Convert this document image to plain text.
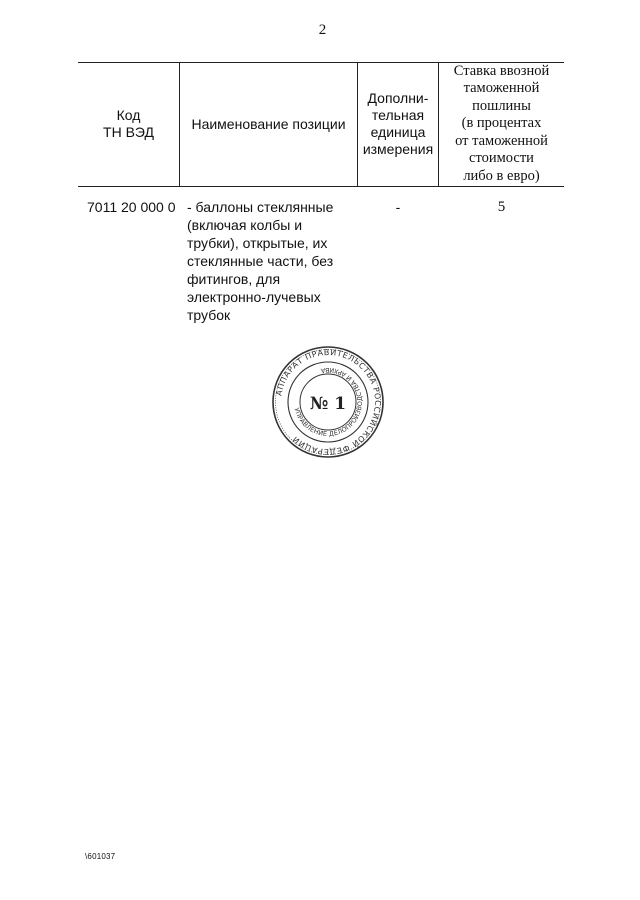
2
Код
ТН ВЭД
Наименование позиции
Дополни-
тельная
единица
измерения
Ставка ввозной
таможенной
пошлины
(в процентах
от таможенной
стоимости
либо в евро)
7011 20 000 0 - баллоны стеклянные
(включая колбы и
трубки), открытые, их
стеклянные части, без
фитингов, для
электронно-лучевых
трубок
-	5
АППАРАТ ПРАВИТЕЛЬСТВА РОССИЙСКОЙ ФЕДЕРАЦИИ
УПРАВЛЕНИЕ ДЕЛОПРОИЗВОДСТВА И АРХИВА
№ 1
\601037
